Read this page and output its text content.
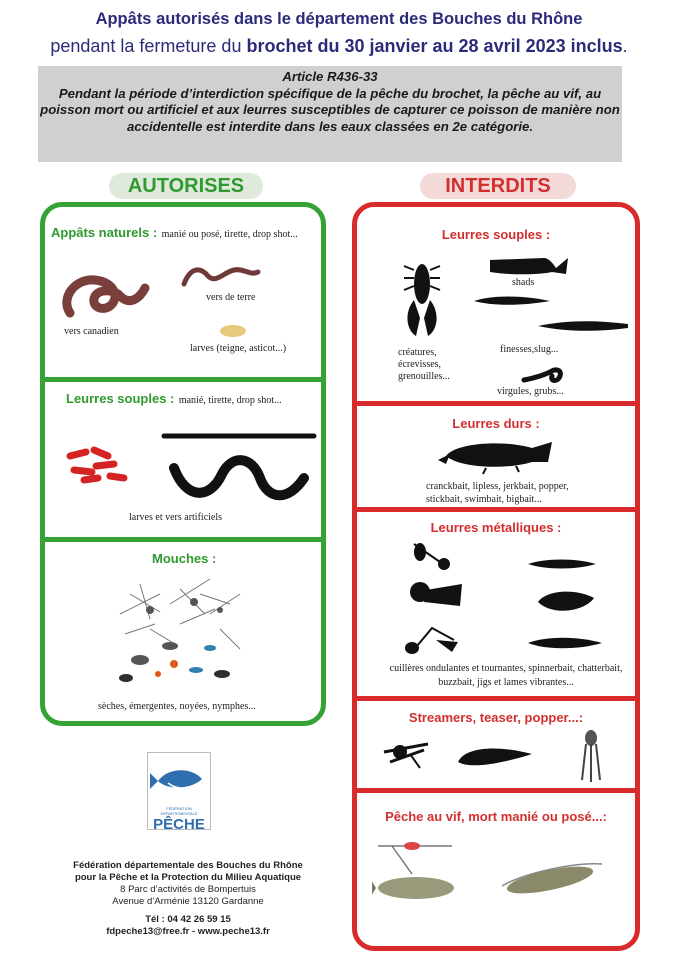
Appâts autorisés dans le département des Bouches du Rhône
pendant la fermeture du brochet du 30 janvier au 28 avril 2023 inclus.
Article R436-33
Pendant la période d’interdiction spécifique de la pêche du brochet, la pêche au vif, au poisson mort ou artificiel et aux leurres susceptibles de capturer ce poisson de manière non accidentelle est interdite dans les eaux classées en 2e catégorie.
AUTORISES	INTERDITS
Appâts naturels : manié ou posé, tirette, drop shot...
vers canadien
vers de terre
larves (teigne, asticot...)
Leurres souples : manié, tirette, drop shot...
larves et vers artificiels
Mouches :
sèches, émergentes, noyées, nymphes...
Leurres souples :
créatures,
écrevisses,
grenouilles...
shads
finesses,slug...
virgules, grubs...
Leurres durs :
cranckbait, lipless, jerkbait, popper,
stickbait, swimbait, bigbait...
Leurres métalliques :
cuillères ondulantes et tournantes, spinnerbait, chatterbait,
buzzbait, jigs et lames vibrantes...
Streamers, teaser, popper...:
Pêche au vif, mort manié ou posé...:
FÉDÉRATION DÉPARTEMENTALE
PÊCHE
Fédération départementale des Bouches du Rhône
pour la Pêche et la Protection du Milieu Aquatique
8 Parc d’activités de Bompertuis
Avenue d’Arménie 13120 Gardanne
Tél : 04 42 26 59 15
fdpeche13@free.fr - www.peche13.fr
